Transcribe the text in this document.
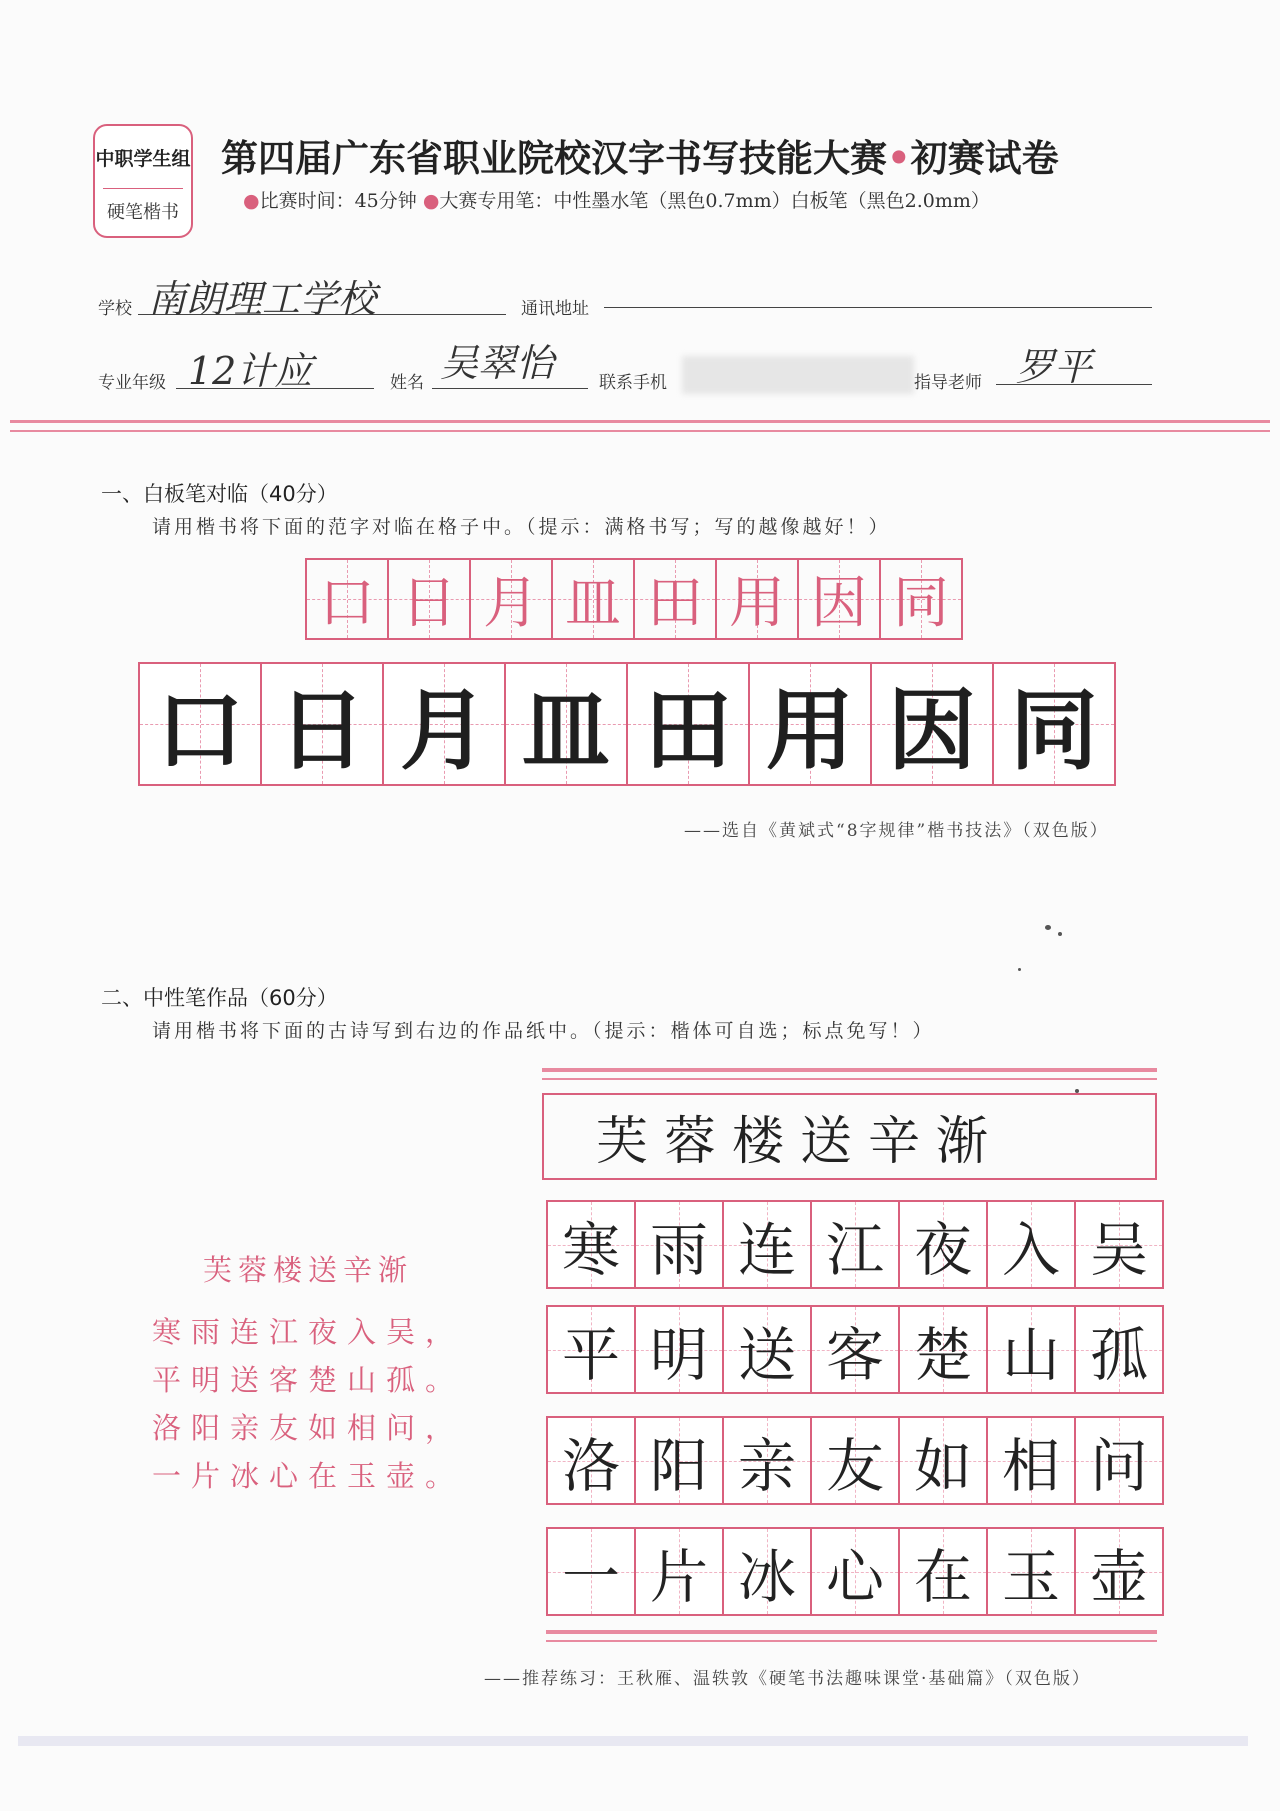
中职学生组
硬笔楷书
第四届广东省职业院校汉字书写技能大赛•初赛试卷
●比赛时间：45分钟 ●大赛专用笔：中性墨水笔（黑色0.7mm）白板笔（黑色2.0mm）
学校 南朗理工学校	通讯地址
专业年级 12计应	姓名 吴翠怡	联系手机	指导老师 罗平
一、白板笔对临（40分）
请用楷书将下面的范字对临在格子中。（提示：满格书写；写的越像越好！）
口 日 月 皿 田 用 因 同
口 日 月 皿 田 用 因 同
——选自《黄斌式“8字规律”楷书技法》（双色版）
二、中性笔作品（60分）
请用楷书将下面的古诗写到右边的作品纸中。（提示：楷体可自选；标点免写！）
芙蓉楼送辛渐
寒雨连江夜入吴，
平明送客楚山孤。
洛阳亲友如相问，
一片冰心在玉壶。
芙蓉楼送辛渐
寒 雨 连 江 夜 入 吴
平 明 送 客 楚 山 孤
洛 阳 亲 友 如 相 问
一 片 冰 心 在 玉 壶
——推荐练习：王秋雁、温轶敦《硬笔书法趣味课堂·基础篇》（双色版）
